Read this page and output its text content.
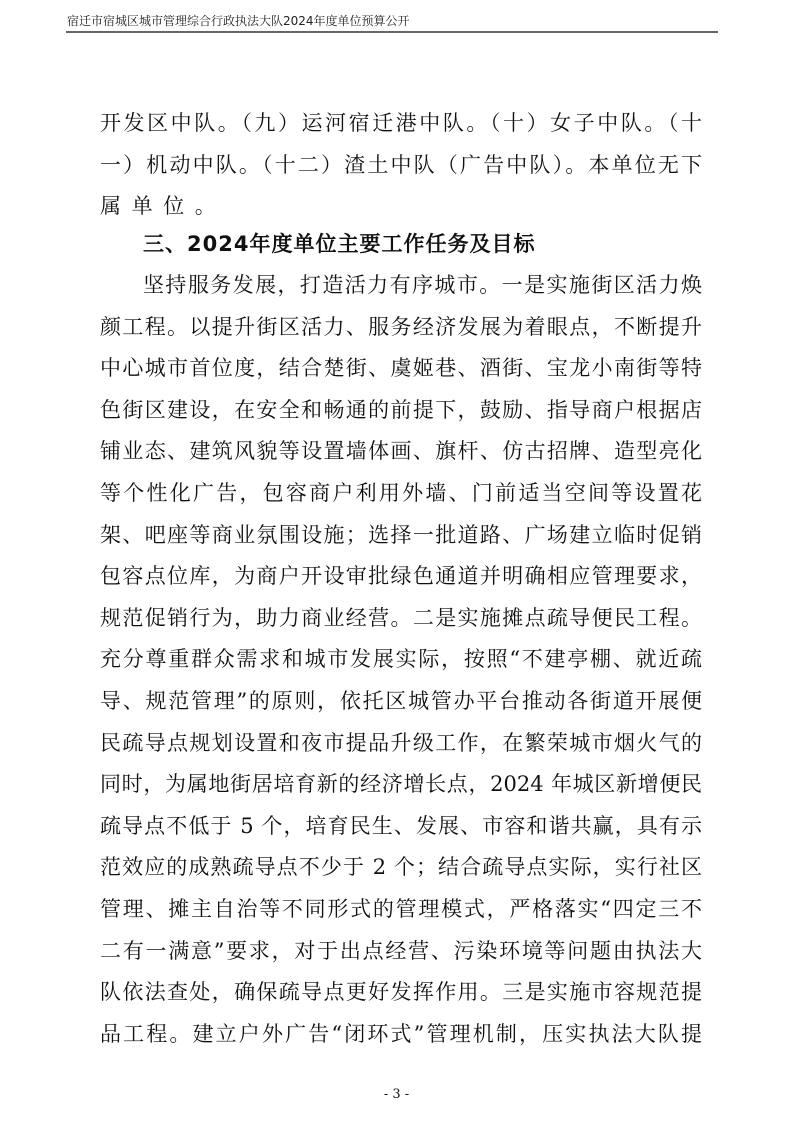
宿迁市宿城区城市管理综合行政执法大队2024年度单位预算公开
开发区中队。（九）运河宿迁港中队。（十）女子中队。（十
一）机动中队。（十二）渣土中队（广告中队）。本单位无下
属单位。
三、2024年度单位主要工作任务及目标
坚持服务发展，打造活力有序城市。一是实施街区活力焕
颜工程。以提升街区活力、服务经济发展为着眼点，不断提升
中心城市首位度，结合楚街、虞姬巷、酒街、宝龙小南街等特
色街区建设，在安全和畅通的前提下，鼓励、指导商户根据店
铺业态、建筑风貌等设置墙体画、旗杆、仿古招牌、造型亮化
等个性化广告，包容商户利用外墙、门前适当空间等设置花
架、吧座等商业氛围设施；选择一批道路、广场建立临时促销
包容点位库，为商户开设审批绿色通道并明确相应管理要求，
规范促销行为，助力商业经营。二是实施摊点疏导便民工程。
充分尊重群众需求和城市发展实际，按照“不建亭棚、就近疏
导、规范管理”的原则，依托区城管办平台推动各街道开展便
民疏导点规划设置和夜市提品升级工作，在繁荣城市烟火气的
同时，为属地街居培育新的经济增长点，2024 年城区新增便民
疏导点不低于 5 个，培育民生、发展、市容和谐共赢，具有示
范效应的成熟疏导点不少于 2 个；结合疏导点实际，实行社区
管理、摊主自治等不同形式的管理模式，严格落实“四定三不
二有一满意”要求，对于出点经营、污染环境等问题由执法大
队依法查处，确保疏导点更好发挥作用。三是实施市容规范提
品工程。建立户外广告“闭环式”管理机制，压实执法大队提
- 3 -
